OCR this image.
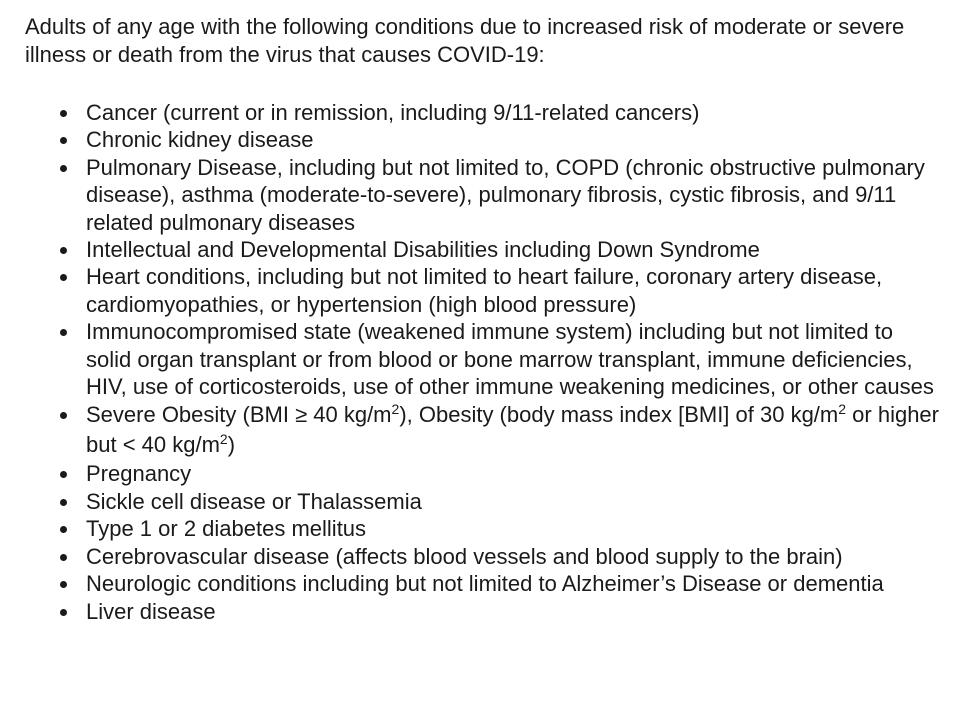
Adults of any age with the following conditions due to increased risk of moderate or severe illness or death from the virus that causes COVID-19:

Cancer (current or in remission, including 9/11-related cancers)
Chronic kidney disease
Pulmonary Disease, including but not limited to, COPD (chronic obstructive pulmonary disease), asthma (moderate-to-severe), pulmonary fibrosis, cystic fibrosis, and 9/11 related pulmonary diseases
Intellectual and Developmental Disabilities including Down Syndrome
Heart conditions, including but not limited to heart failure, coronary artery disease, cardiomyopathies, or hypertension (high blood pressure)
Immunocompromised state (weakened immune system) including but not limited to solid organ transplant or from blood or bone marrow transplant, immune deficiencies, HIV, use of corticosteroids, use of other immune weakening medicines, or other causes
Severe Obesity (BMI ≥ 40 $kg/m^2$), Obesity (body mass index [BMI] of 30 $kg/m^2$ or higher but < 40 $kg/m^2$)
Pregnancy
Sickle cell disease or Thalassemia
Type 1 or 2 diabetes mellitus
Cerebrovascular disease (affects blood vessels and blood supply to the brain)
Neurologic conditions including but not limited to Alzheimer’s Disease or dementia
Liver disease
